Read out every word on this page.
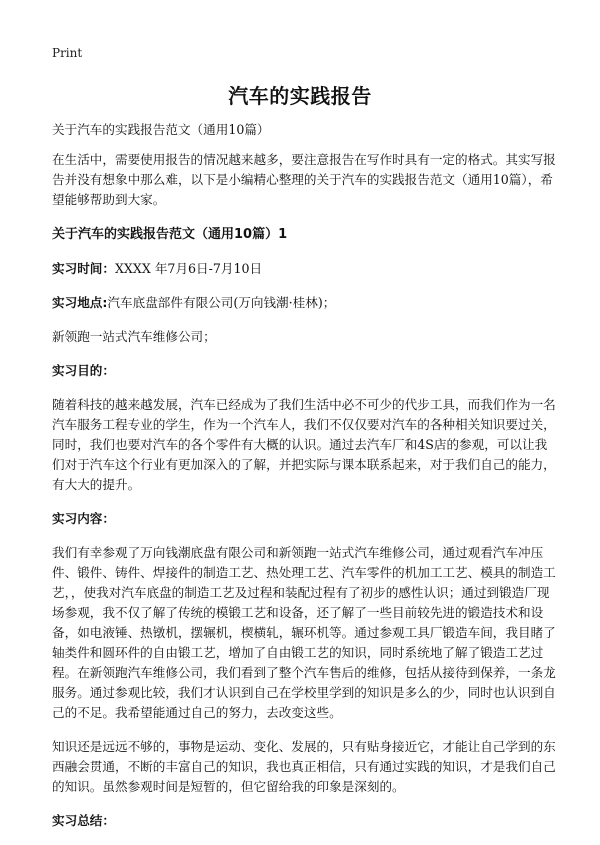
Print
汽车的实践报告

关于汽车的实践报告范文（通用10篇）

在生活中，需要使用报告的情况越来越多，要注意报告在写作时具有一定的格式。其实写报告并没有想象中那么难，以下是小编精心整理的关于汽车的实践报告范文（通用10篇），希望能够帮助到大家。

关于汽车的实践报告范文（通用10篇）1

实习时间：XXXX 年7月6日-7月10日

实习地点:汽车底盘部件有限公司(万向钱潮·桂林)；

新领跑一站式汽车维修公司；

实习目的：

随着科技的越来越发展，汽车已经成为了我们生活中必不可少的代步工具，而我们作为一名汽车服务工程专业的学生，作为一个汽车人，我们不仅仅要对汽车的各种相关知识要过关，同时，我们也要对汽车的各个零件有大概的认识。通过去汽车厂和4S店的参观，可以让我们对于汽车这个行业有更加深入的了解，并把实际与课本联系起来，对于我们自己的能力，有大大的提升。

实习内容：

我们有幸参观了万向钱潮底盘有限公司和新领跑一站式汽车维修公司，通过观看汽车冲压件、锻件、铸件、焊接件的制造工艺、热处理工艺、汽车零件的机加工工艺、模具的制造工艺，，使我对汽车底盘的制造工艺及过程和装配过程有了初步的感性认识；通过到锻造厂现场参观，我不仅了解了传统的模锻工艺和设备，还了解了一些目前较先进的锻造技术和设备，如电液锤、热镦机，摆辗机，楔横轧，辗环机等。通过参观工具厂锻造车间，我目睹了轴类件和圆环件的自由锻工艺，增加了自由锻工艺的知识，同时系统地了解了锻造工艺过程。在新领跑汽车维修公司，我们看到了整个汽车售后的维修，包括从接待到保养，一条龙服务。通过参观比较，我们才认识到自己在学校里学到的知识是多么的少，同时也认识到自己的不足。我希望能通过自己的努力，去改变这些。

知识还是远远不够的，事物是运动、变化、发展的，只有贴身接近它，才能让自己学到的东西融会贯通，不断的丰富自己的知识，我也真正相信，只有通过实践的知识，才是我们自己的知识。虽然参观时间是短暂的，但它留给我的印象是深刻的。

实习总结：
